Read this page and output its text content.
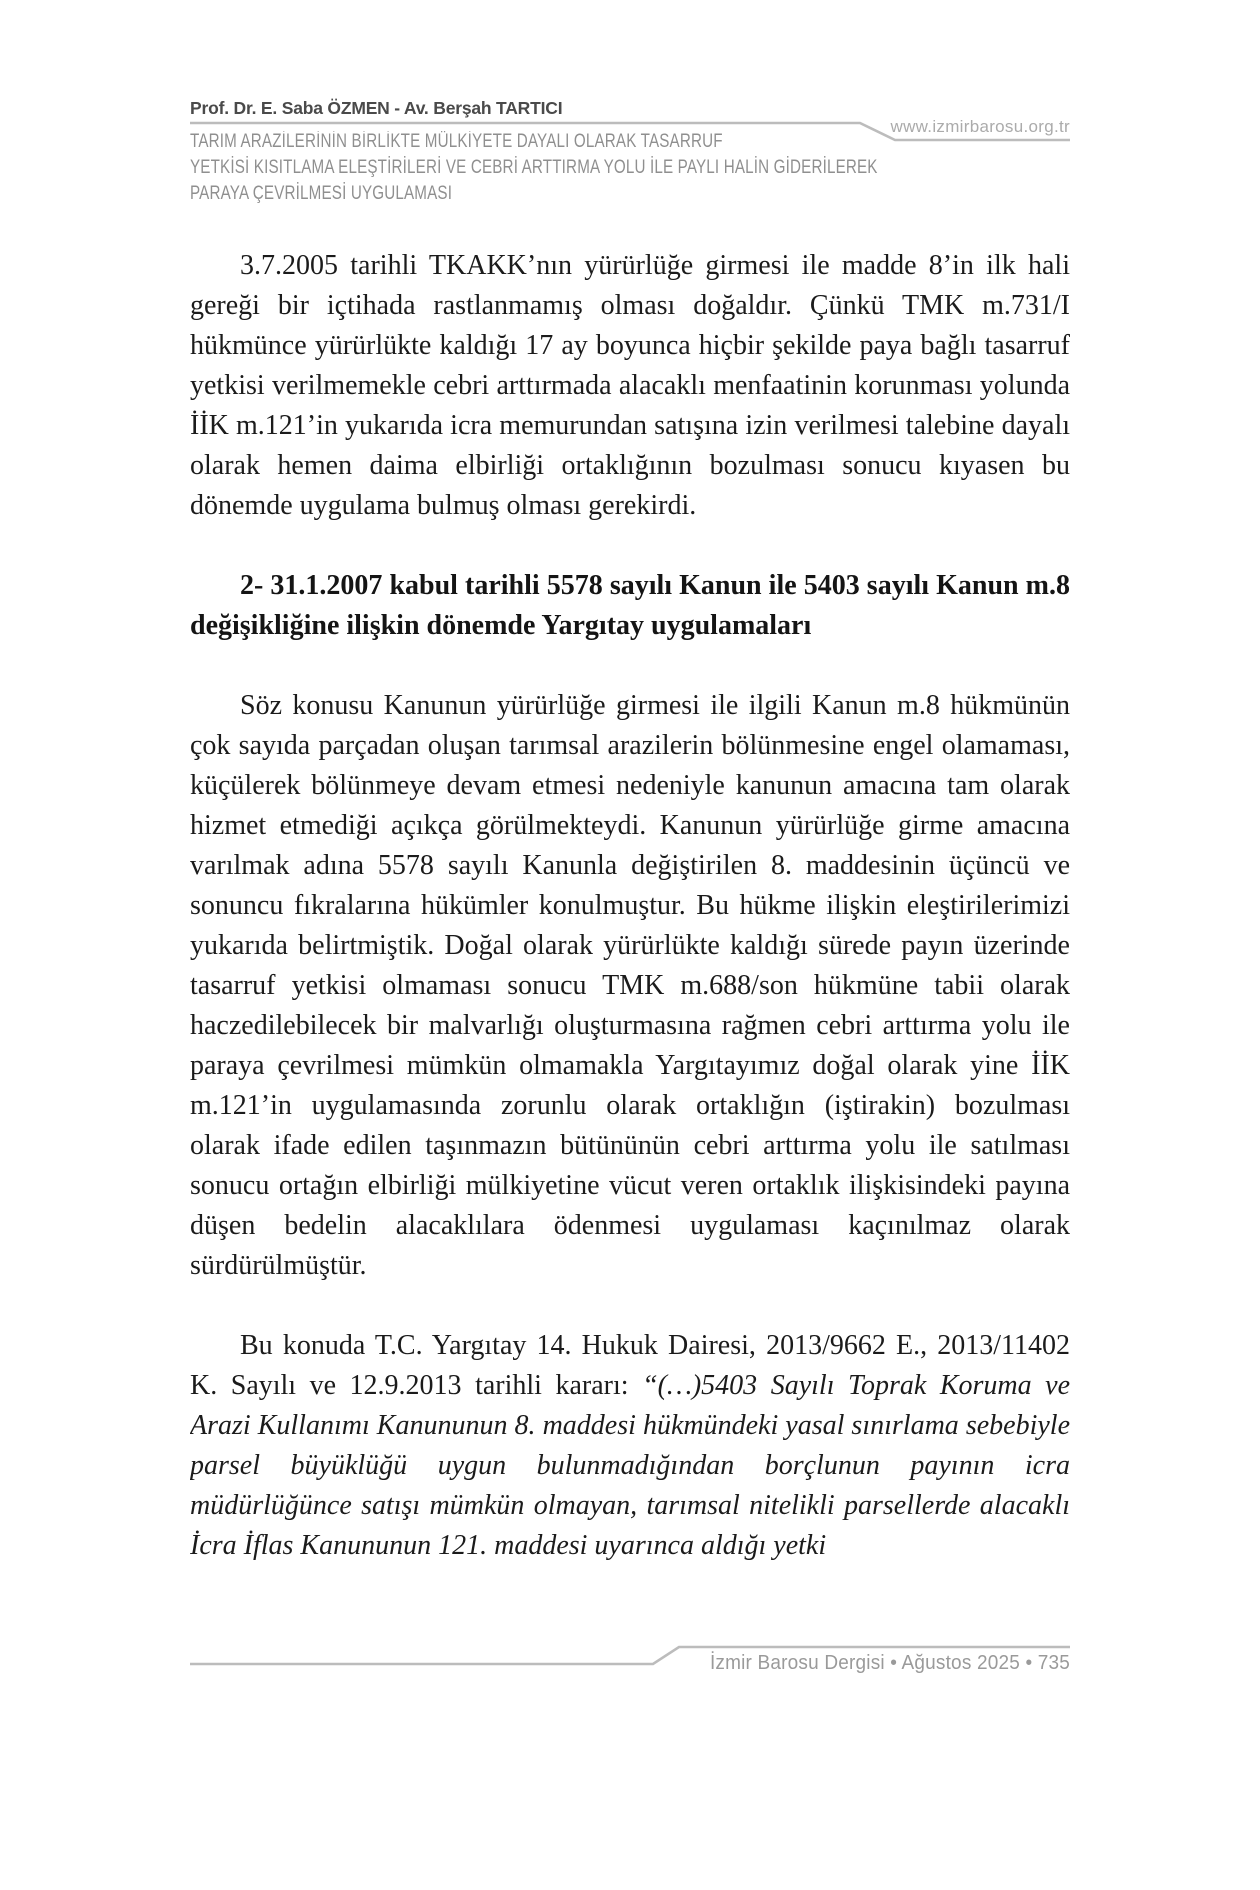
Prof. Dr. E. Saba ÖZMEN - Av. Berşah TARTICI
www.izmirbarosu.org.tr
TARIM ARAZİLERİNİN BİRLİKTE MÜLKİYETE DAYALI OLARAK TASARRUF
YETKİSİ KISITLAMA ELEŞTİRİLERİ VE CEBRİ ARTTIRMA YOLU İLE PAYLI HALİN GİDERİLEREK
PARAYA ÇEVRİLMESİ UYGULAMASI

3.7.2005 tarihli TKAKK’nın yürürlüğe girmesi ile madde 8’in ilk hali gereği bir içtihada rastlanmamış olması doğaldır. Çünkü TMK m.731/I hükmünce yürürlükte kaldığı 17 ay boyunca hiçbir şekilde paya bağlı tasarruf yetkisi verilmemekle cebri arttırmada alacaklı menfaatinin korunması yolunda İİK m.121’in yukarıda icra memurundan satışına izin verilmesi talebine dayalı olarak hemen daima elbirliği ortaklığının bozulması sonucu kıyasen bu dönemde uygulama bulmuş olması gerekirdi.

2- 31.1.2007 kabul tarihli 5578 sayılı Kanun ile 5403 sayılı Kanun m.8 değişikliğine ilişkin dönemde Yargıtay uygulamaları

Söz konusu Kanunun yürürlüğe girmesi ile ilgili Kanun m.8 hükmünün çok sayıda parçadan oluşan tarımsal arazilerin bölünmesine engel olamaması, küçülerek bölünmeye devam etmesi nedeniyle kanunun amacına tam olarak hizmet etmediği açıkça görülmekteydi. Kanunun yürürlüğe girme amacına varılmak adına 5578 sayılı Kanunla değiştirilen 8. maddesinin üçüncü ve sonuncu fıkralarına hükümler konulmuştur. Bu hükme ilişkin eleştirilerimizi yukarıda belirtmiştik. Doğal olarak yürürlükte kaldığı sürede payın üzerinde tasarruf yetkisi olmaması sonucu TMK m.688/son hükmüne tabii olarak haczedilebilecek bir malvarlığı oluşturmasına rağmen cebri arttırma yolu ile paraya çevrilmesi mümkün olmamakla Yargıtayımız doğal olarak yine İİK m.121’in uygulamasında zorunlu olarak ortaklığın (iştirakin) bozulması olarak ifade edilen taşınmazın bütününün cebri arttırma yolu ile satılması sonucu ortağın elbirliği mülkiyetine vücut veren ortaklık ilişkisindeki payına düşen bedelin alacaklılara ödenmesi uygulaması kaçınılmaz olarak sürdürülmüştür.

Bu konuda T.C. Yargıtay 14. Hukuk Dairesi, 2013/9662 E., 2013/11402 K. Sayılı ve 12.9.2013 tarihli kararı: “(…)5403 Sayılı Toprak Koruma ve Arazi Kullanımı Kanununun 8. maddesi hükmündeki yasal sınırlama sebebiyle parsel büyüklüğü uygun bulunmadığından borçlunun payının icra müdürlüğünce satışı mümkün olmayan, tarımsal nitelikli parsellerde alacaklı İcra İflas Kanununun 121. maddesi uyarınca aldığı yetki

İzmir Barosu Dergisi • Ağustos 2025 • 735
